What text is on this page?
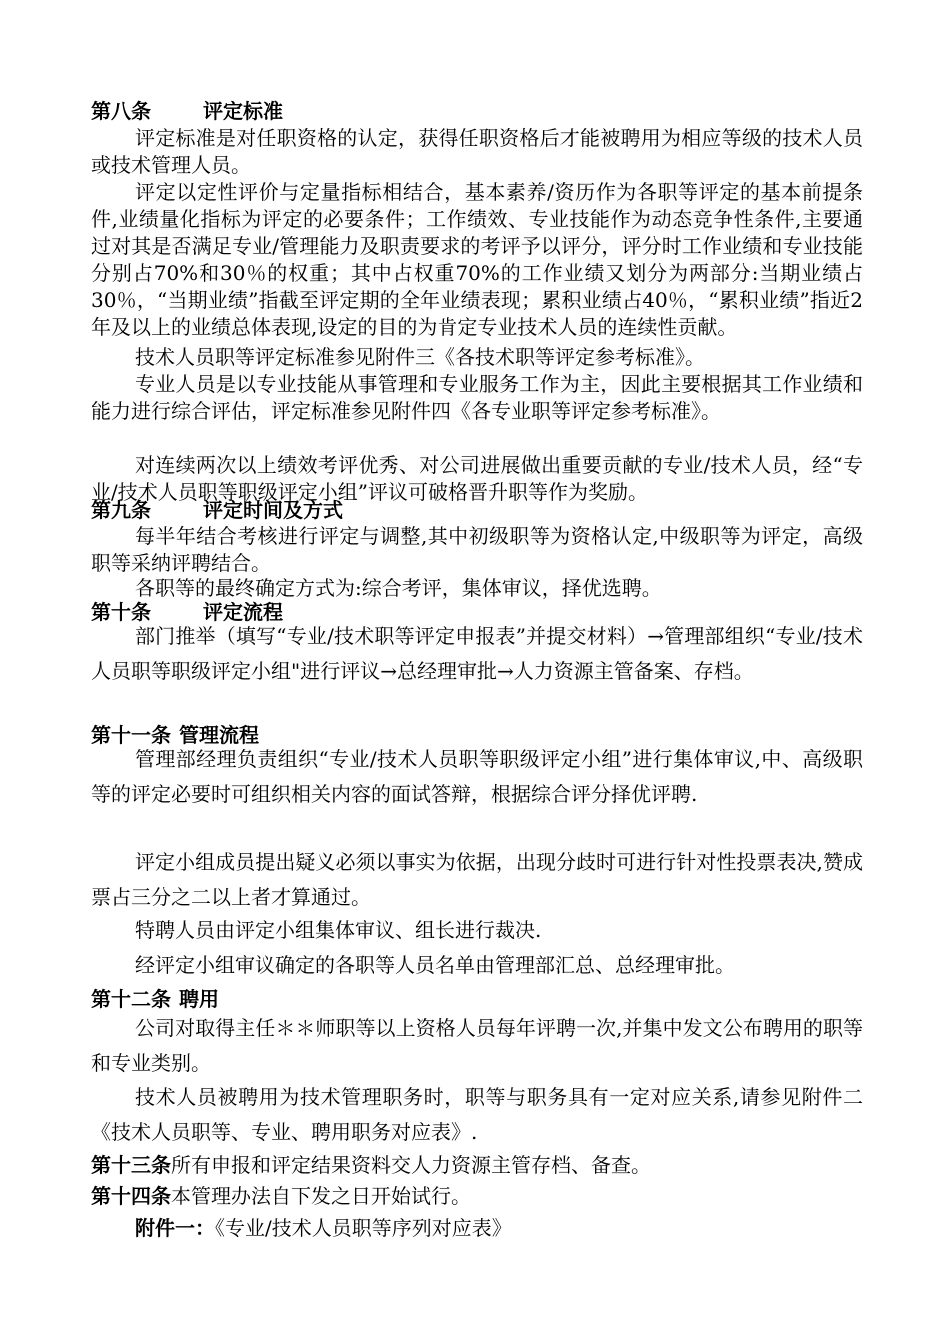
第八条	评定标准

评定标准是对任职资格的认定，获得任职资格后才能被聘用为相应等级的技术人员或技术管理人员。

评定以定性评价与定量指标相结合，基本素养/资历作为各职等评定的基本前提条件,业绩量化指标为评定的必要条件；工作绩效、专业技能作为动态竞争性条件,主要通过对其是否满足专业/管理能力及职责要求的考评予以评分，评分时工作业绩和专业技能分别占70%和30％的权重；其中占权重70%的工作业绩又划分为两部分:当期业绩占30％，“当期业绩”指截至评定期的全年业绩表现；累积业绩占40％，“累积业绩”指近2年及以上的业绩总体表现,设定的目的为肯定专业技术人员的连续性贡献。

技术人员职等评定标准参见附件三《各技术职等评定参考标准》。

专业人员是以专业技能从事管理和专业服务工作为主，因此主要根据其工作业绩和能力进行综合评估，评定标准参见附件四《各专业职等评定参考标准》。

对连续两次以上绩效考评优秀、对公司进展做出重要贡献的专业/技术人员，经“专业/技术人员职等职级评定小组”评议可破格晋升职等作为奖励。

第九条	评定时间及方式

每半年结合考核进行评定与调整,其中初级职等为资格认定,中级职等为评定，高级职等采纳评聘结合。

各职等的最终确定方式为:综合考评，集体审议，择优选聘。

第十条	评定流程

部门推举（填写“专业/技术职等评定申报表”并提交材料）→管理部组织“专业/技术人员职等职级评定小组"进行评议→总经理审批→人力资源主管备案、存档。

第十一条 管理流程

管理部经理负责组织“专业/技术人员职等职级评定小组”进行集体审议,中、高级职等的评定必要时可组织相关内容的面试答辩，根据综合评分择优评聘.

评定小组成员提出疑义必须以事实为依据，出现分歧时可进行针对性投票表决,赞成票占三分之二以上者才算通过。

特聘人员由评定小组集体审议、组长进行裁决.

经评定小组审议确定的各职等人员名单由管理部汇总、总经理审批。

第十二条 聘用

公司对取得主任＊＊师职等以上资格人员每年评聘一次,并集中发文公布聘用的职等和专业类别。

技术人员被聘用为技术管理职务时，职等与职务具有一定对应关系,请参见附件二《技术人员职等、专业、聘用职务对应表》.

第十三条所有申报和评定结果资料交人力资源主管存档、备查。
第十四条本管理办法自下发之日开始试行。
附件一：《专业/技术人员职等序列对应表》
